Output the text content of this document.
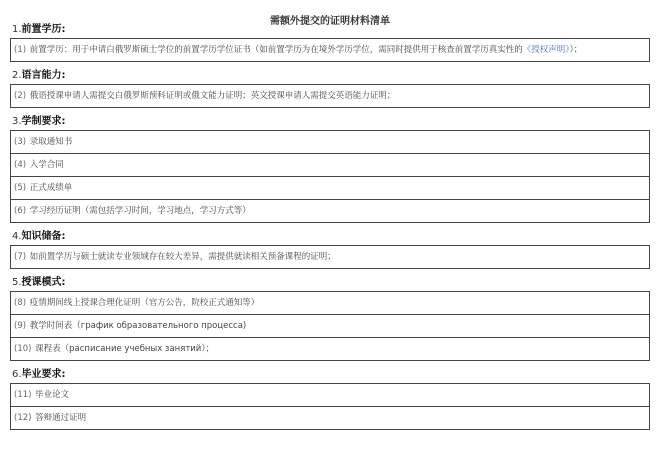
需额外提交的证明材料清单
1.前置学历:
(1) 前置学历：用于申请白俄罗斯硕士学位的前置学历学位证书（如前置学历为在境外学历学位，需同时提供用于核查前置学历真实性的《授权声明》）；
2.语言能力:
(2) 俄语授课申请人需提交白俄罗斯预科证明或俄文能力证明；英文授课申请人需提交英语能力证明；
3.学制要求:
(3) 录取通知书
(4) 入学合同
(5) 正式成绩单
(6) 学习经历证明（需包括学习时间，学习地点，学习方式等）
4.知识储备:
(7) 如前置学历与硕士就读专业领域存在较大差异，需提供就读相关预备课程的证明；
5.授课模式:
(8) 疫情期间线上授课合理化证明（官方公告，院校正式通知等）
(9) 教学时间表（график образовательного процесса)
(10) 课程表（расписание учебных занятий）；
6.毕业要求:
(11) 毕业论文
(12) 答辩通过证明
